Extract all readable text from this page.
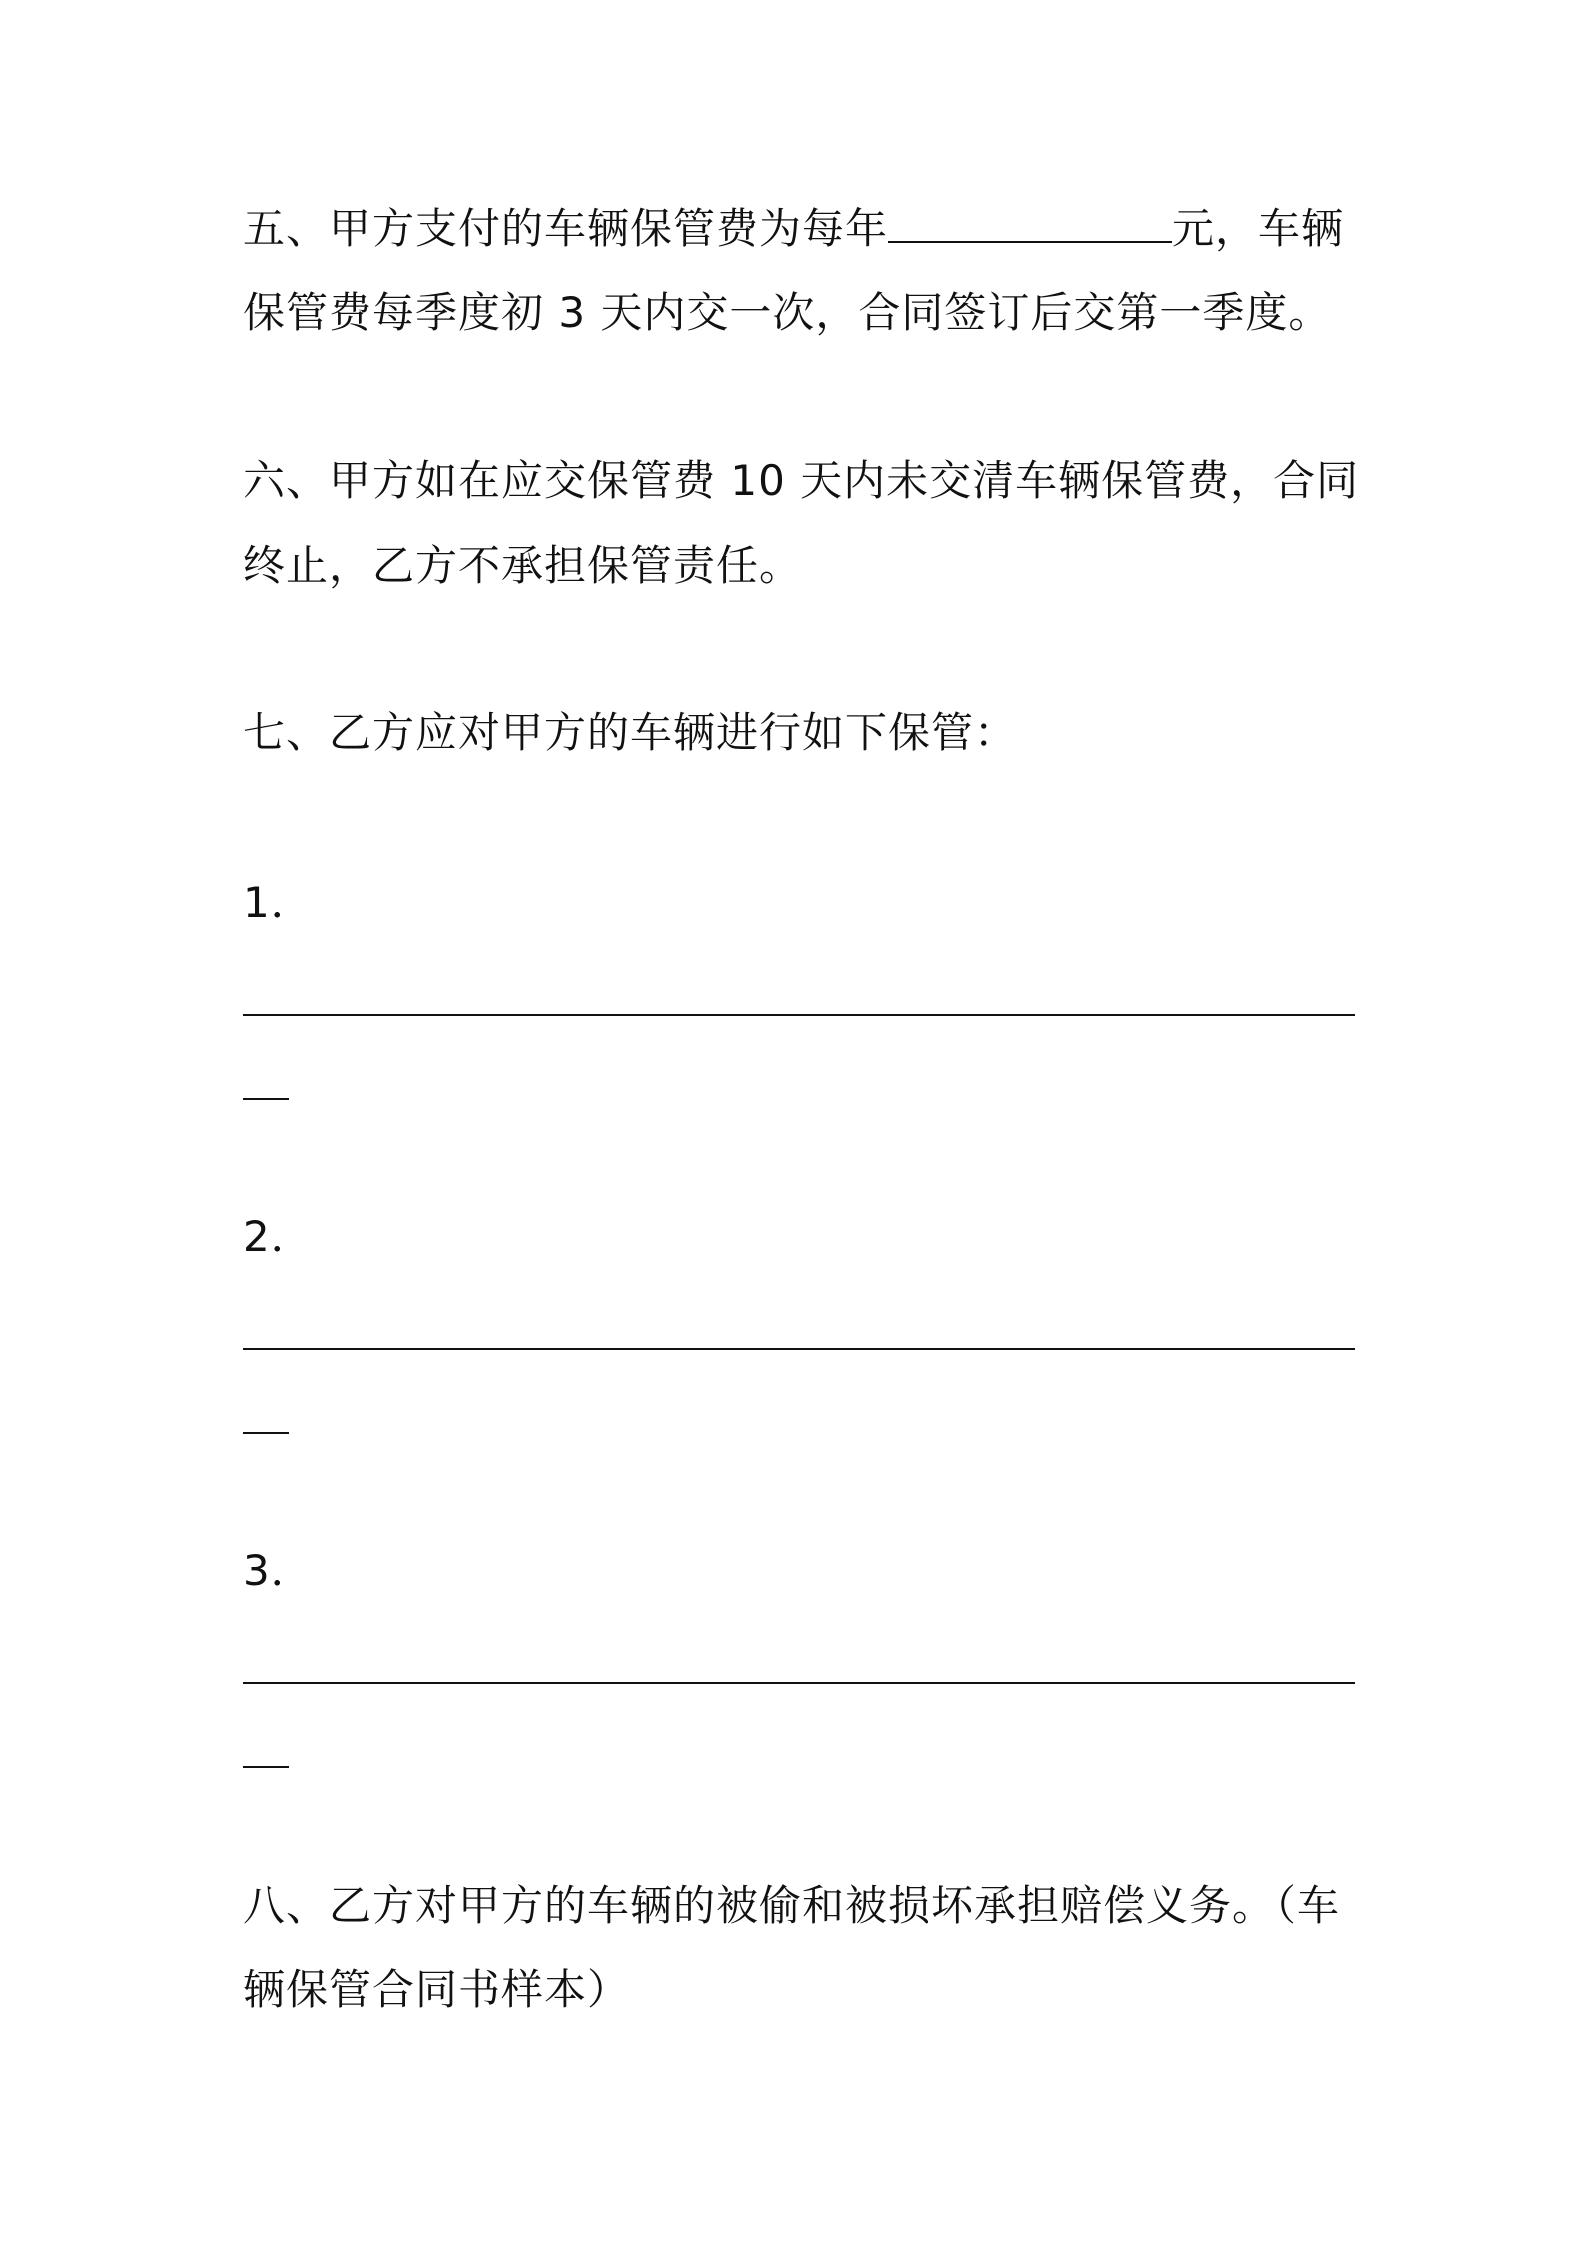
五、甲方支付的车辆保管费为每年	元，车辆
保管费每季度初 3 天内交一次，合同签订后交第一季度。
六、甲方如在应交保管费 10 天内未交清车辆保管费，合同
终止，乙方不承担保管责任。
七、乙方应对甲方的车辆进行如下保管：
1．
2．
3．
八、乙方对甲方的车辆的被偷和被损坏承担赔偿义务。（车
辆保管合同书样本）
